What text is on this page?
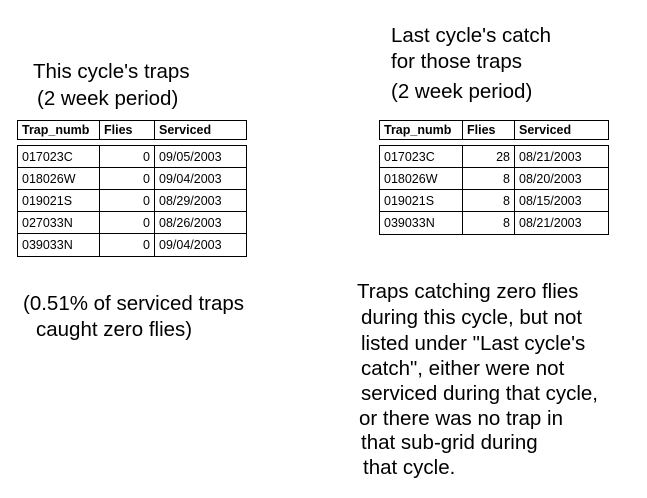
This cycle's traps
(2 week period)
Last cycle's catch
for those traps
(2 week period)
Trap_numb	Flies	Serviced
017023C	0 09/05/2003
018026W	0 09/04/2003
019021S	0 08/29/2003
027033N	0 08/26/2003
039033N	0 09/04/2003
Trap_numb	Flies	Serviced
017023C	28 08/21/2003
018026W	8 08/20/2003
019021S	8 08/15/2003
039033N	8 08/21/2003
(0.51% of serviced traps
caught zero flies)
Traps catching zero flies
during this cycle, but not
listed under "Last cycle's
catch", either were not
serviced during that cycle,
or there was no trap in
that sub-grid during
that cycle.
